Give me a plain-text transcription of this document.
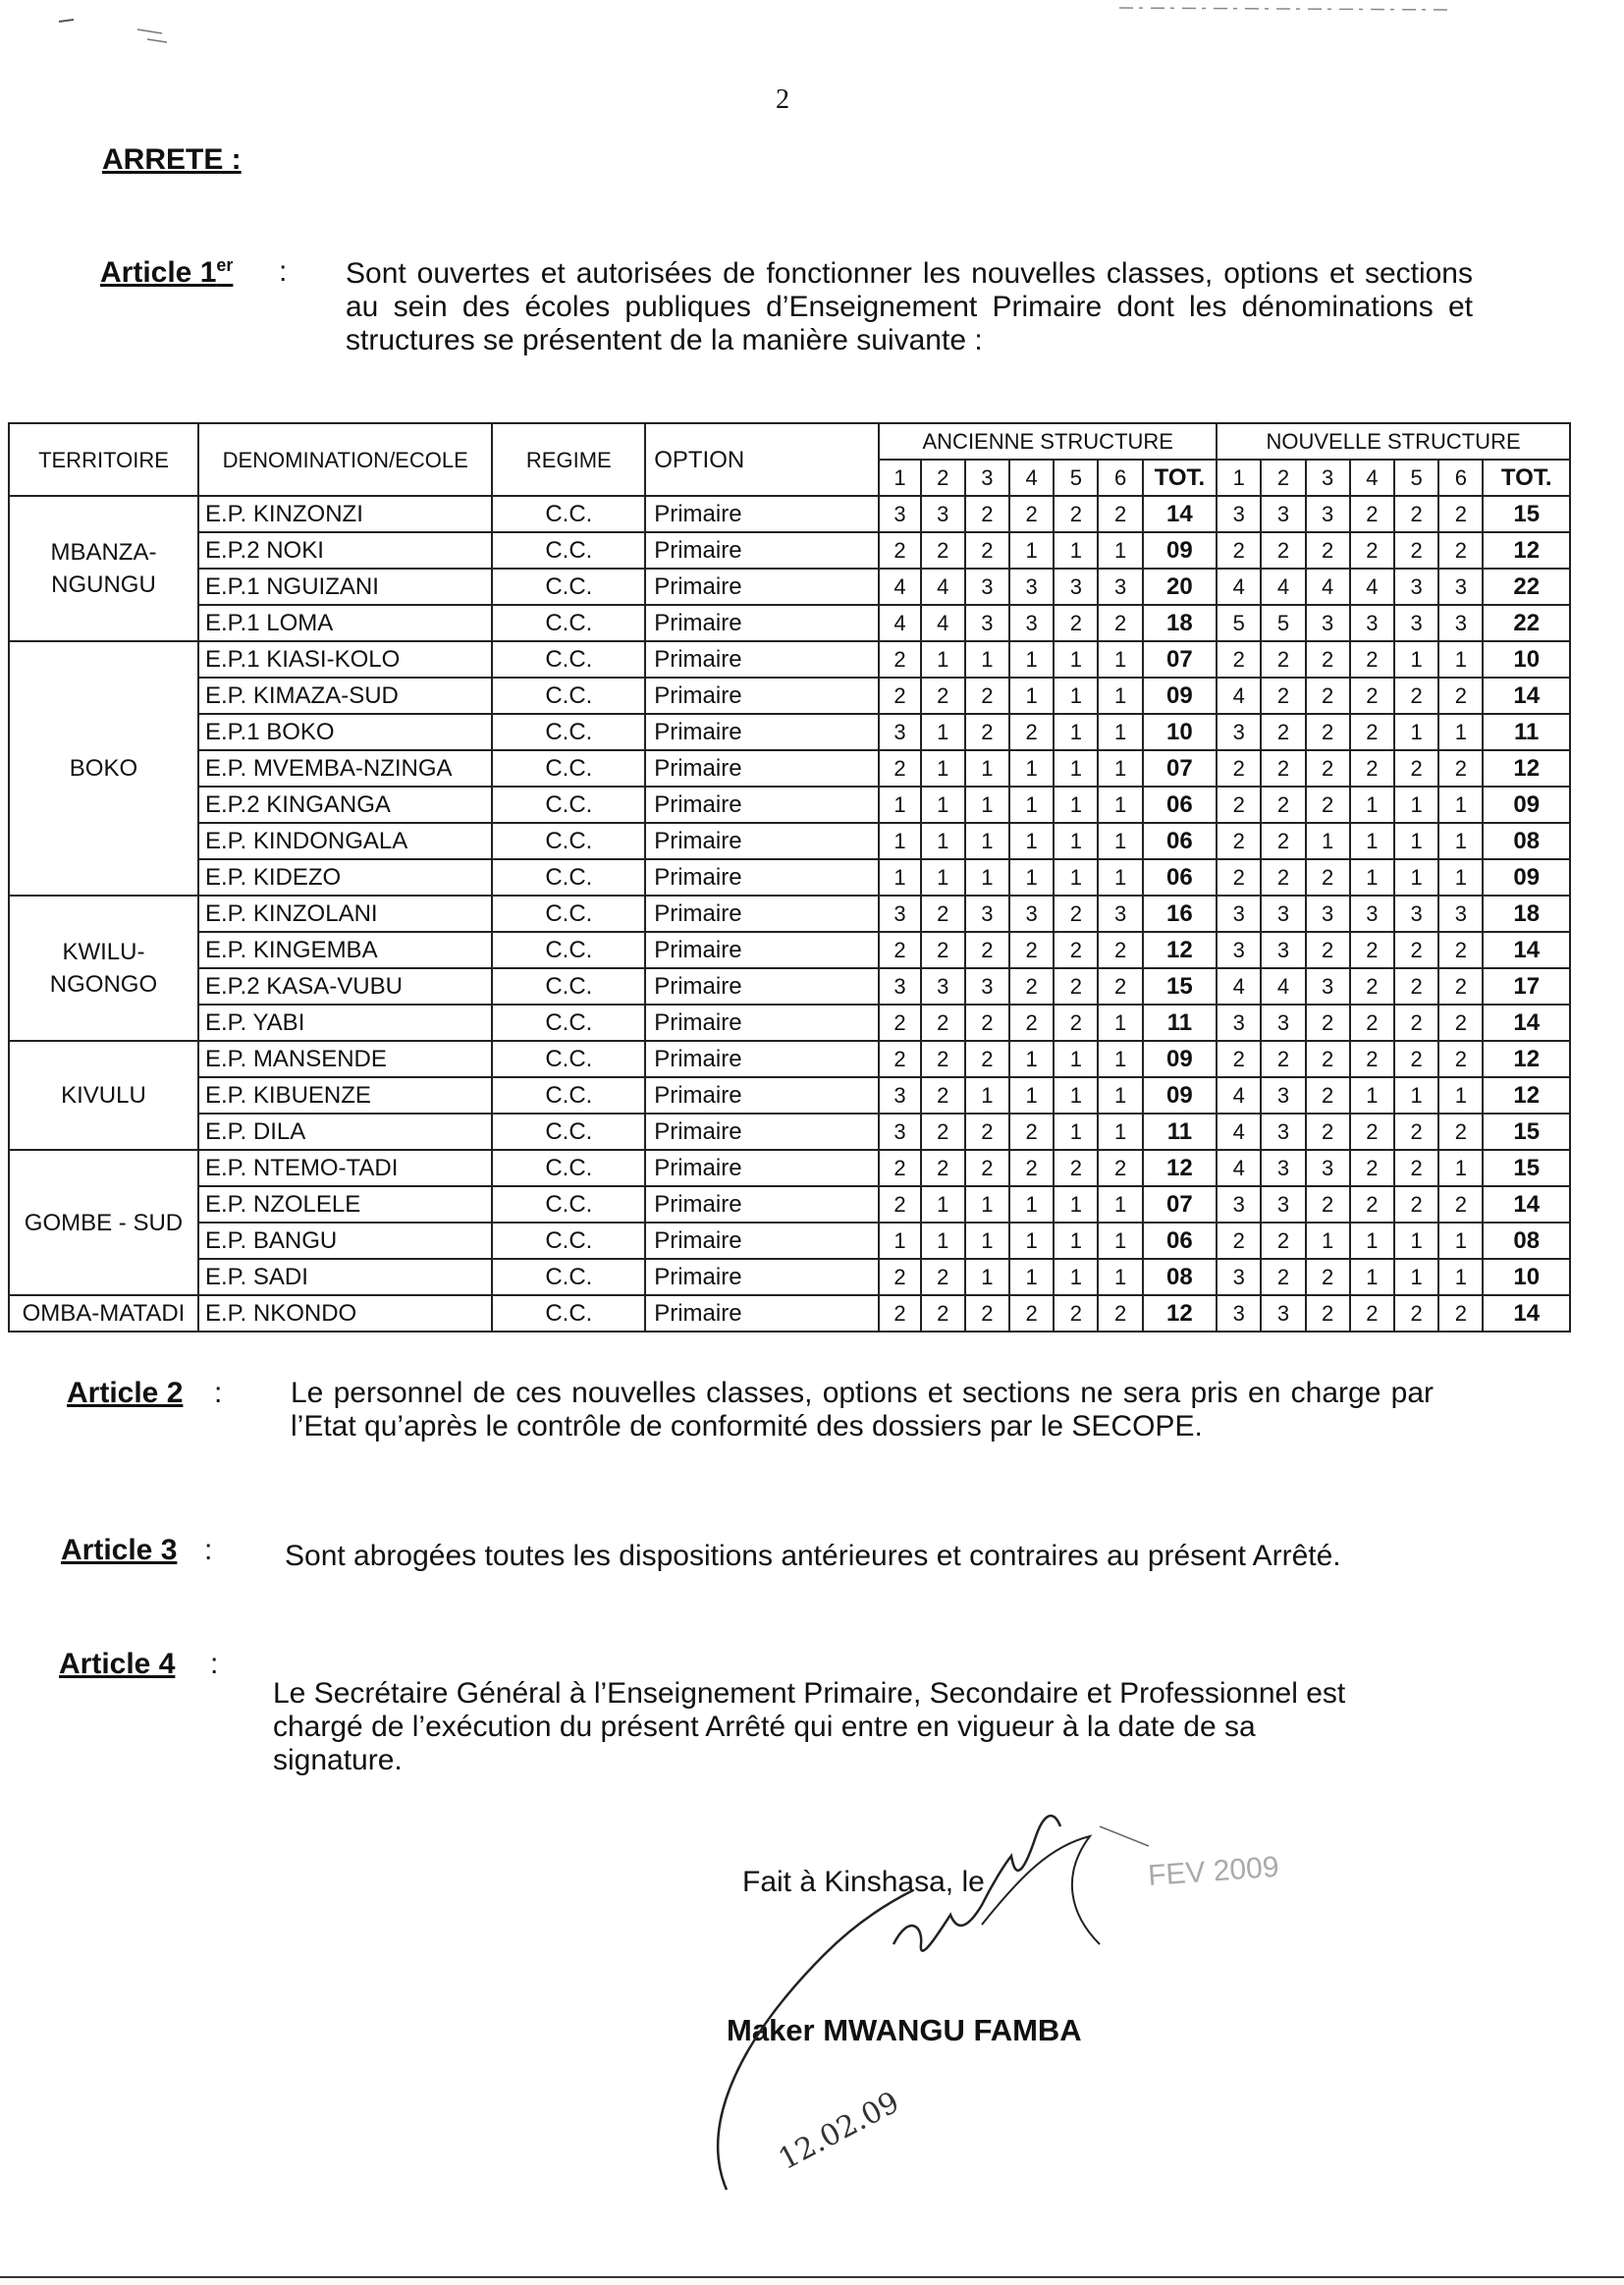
2
ARRETE :
Article 1er : Sont ouvertes et autorisées de fonctionner les nouvelles classes, options et sections au sein des écoles publiques d’Enseignement Primaire dont les dénominations et structures se présentent de la manière suivante :
TERRITOIRE	DENOMINATION/ECOLE	REGIME	OPTION	ANCIENNE STRUCTURE							NOUVELLE STRUCTURE						
				1	2	3	4	5	6	TOT.	1	2	3	4	5	6	TOT.
MBANZA-NGUNGU	E.P. KINZONZI	C.C.	Primaire	3	3	2	2	2	2	14	3	3	3	2	2	2	15
	E.P.2 NOKI	C.C.	Primaire	2	2	2	1	1	1	09	2	2	2	2	2	2	12
	E.P.1 NGUIZANI	C.C.	Primaire	4	4	3	3	3	3	20	4	4	4	4	3	3	22
	E.P.1 LOMA	C.C.	Primaire	4	4	3	3	2	2	18	5	5	3	3	3	3	22
BOKO	E.P.1 KIASI-KOLO	C.C.	Primaire	2	1	1	1	1	1	07	2	2	2	2	1	1	10
	E.P. KIMAZA-SUD	C.C.	Primaire	2	2	2	1	1	1	09	4	2	2	2	2	2	14
	E.P.1 BOKO	C.C.	Primaire	3	1	2	2	1	1	10	3	2	2	2	1	1	11
	E.P. MVEMBA-NZINGA	C.C.	Primaire	2	1	1	1	1	1	07	2	2	2	2	2	2	12
	E.P.2 KINGANGA	C.C.	Primaire	1	1	1	1	1	1	06	2	2	2	1	1	1	09
	E.P. KINDONGALA	C.C.	Primaire	1	1	1	1	1	1	06	2	2	1	1	1	1	08
	E.P. KIDEZO	C.C.	Primaire	1	1	1	1	1	1	06	2	2	2	1	1	1	09
KWILU-NGONGO	E.P. KINZOLANI	C.C.	Primaire	3	2	3	3	2	3	16	3	3	3	3	3	3	18
	E.P. KINGEMBA	C.C.	Primaire	2	2	2	2	2	2	12	3	3	2	2	2	2	14
	E.P.2 KASA-VUBU	C.C.	Primaire	3	3	3	2	2	2	15	4	4	3	2	2	2	17
	E.P. YABI	C.C.	Primaire	2	2	2	2	2	1	11	3	3	2	2	2	2	14
KIVULU	E.P. MANSENDE	C.C.	Primaire	2	2	2	1	1	1	09	2	2	2	2	2	2	12
	E.P. KIBUENZE	C.C.	Primaire	3	2	1	1	1	1	09	4	3	2	1	1	1	12
	E.P. DILA	C.C.	Primaire	3	2	2	2	1	1	11	4	3	2	2	2	2	15
GOMBE - SUD	E.P. NTEMO-TADI	C.C.	Primaire	2	2	2	2	2	2	12	4	3	3	2	2	1	15
	E.P. NZOLELE	C.C.	Primaire	2	1	1	1	1	1	07	3	3	2	2	2	2	14
	E.P. BANGU	C.C.	Primaire	1	1	1	1	1	1	06	2	2	1	1	1	1	08
	E.P. SADI	C.C.	Primaire	2	2	1	1	1	1	08	3	2	2	1	1	1	10
OMBA-MATADI	E.P. NKONDO	C.C.	Primaire	2	2	2	2	2	2	12	3	3	2	2	2	2	14
Article 2 : Le personnel de ces nouvelles classes, options et sections ne sera pris en charge par l’Etat qu’après le contrôle de conformité des dossiers par le SECOPE.
Article 3 : Sont abrogées toutes les dispositions antérieures et contraires au présent Arrêté.
Article 4 :
Le Secrétaire Général à l’Enseignement Primaire, Secondaire et Professionnel est
chargé de l’exécution du présent Arrêté qui entre en vigueur à la date de sa
signature.
Fait à Kinshasa, le
Maker MWANGU FAMBA
FEV 2009
12.02.09
